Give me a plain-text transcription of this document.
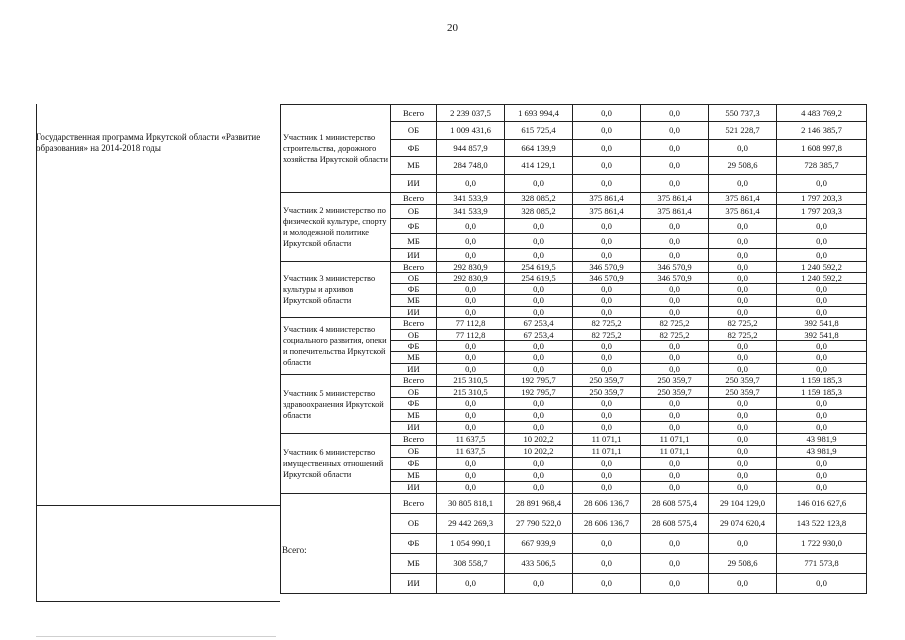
20
Государственная программа Иркутской области «Развитие образования» на 2014-2018 годы
Всего:
Участник 1 министерство строительства, дорожного хозяйства Иркутской области	Всего	2 239 037,5	1 693 994,4	0,0	0,0	550 737,3	4 483 769,2
	ОБ	1 009 431,6	615 725,4	0,0	0,0	521 228,7	2 146 385,7
	ФБ	944 857,9	664 139,9	0,0	0,0	0,0	1 608 997,8
	МБ	284 748,0	414 129,1	0,0	0,0	29 508,6	728 385,7
	ИИ	0,0	0,0	0,0	0,0	0,0	0,0
Участник 2 министерство по физической культуре, спорту и молодежной политике Иркутской области	Всего	341 533,9	328 085,2	375 861,4	375 861,4	375 861,4	1 797 203,3
	ОБ	341 533,9	328 085,2	375 861,4	375 861,4	375 861,4	1 797 203,3
	ФБ	0,0	0,0	0,0	0,0	0,0	0,0
	МБ	0,0	0,0	0,0	0,0	0,0	0,0
	ИИ	0,0	0,0	0,0	0,0	0,0	0,0
Участник 3 министерство культуры и архивов Иркутской области	Всего	292 830,9	254 619,5	346 570,9	346 570,9	0,0	1 240 592,2
	ОБ	292 830,9	254 619,5	346 570,9	346 570,9	0,0	1 240 592,2
	ФБ	0,0	0,0	0,0	0,0	0,0	0,0
	МБ	0,0	0,0	0,0	0,0	0,0	0,0
	ИИ	0,0	0,0	0,0	0,0	0,0	0,0
Участник 4 министерство социального развития, опеки и попечительства Иркутской области	Всего	77 112,8	67 253,4	82 725,2	82 725,2	82 725,2	392 541,8
	ОБ	77 112,8	67 253,4	82 725,2	82 725,2	82 725,2	392 541,8
	ФБ	0,0	0,0	0,0	0,0	0,0	0,0
	МБ	0,0	0,0	0,0	0,0	0,0	0,0
	ИИ	0,0	0,0	0,0	0,0	0,0	0,0
Участник 5 министерство здравоохранения Иркутской области	Всего	215 310,5	192 795,7	250 359,7	250 359,7	250 359,7	1 159 185,3
	ОБ	215 310,5	192 795,7	250 359,7	250 359,7	250 359,7	1 159 185,3
	ФБ	0,0	0,0	0,0	0,0	0,0	0,0
	МБ	0,0	0,0	0,0	0,0	0,0	0,0
	ИИ	0,0	0,0	0,0	0,0	0,0	0,0
Участник 6 министерство имущественных отношений Иркутской области	Всего	11 637,5	10 202,2	11 071,1	11 071,1	0,0	43 981,9
	ОБ	11 637,5	10 202,2	11 071,1	11 071,1	0,0	43 981,9
	ФБ	0,0	0,0	0,0	0,0	0,0	0,0
	МБ	0,0	0,0	0,0	0,0	0,0	0,0
	ИИ	0,0	0,0	0,0	0,0	0,0	0,0
	Всего	30 805 818,1	28 891 968,4	28 606 136,7	28 608 575,4	29 104 129,0	146 016 627,6
	ОБ	29 442 269,3	27 790 522,0	28 606 136,7	28 608 575,4	29 074 620,4	143 522 123,8
	ФБ	1 054 990,1	667 939,9	0,0	0,0	0,0	1 722 930,0
	МБ	308 558,7	433 506,5	0,0	0,0	29 508,6	771 573,8
	ИИ	0,0	0,0	0,0	0,0	0,0	0,0
